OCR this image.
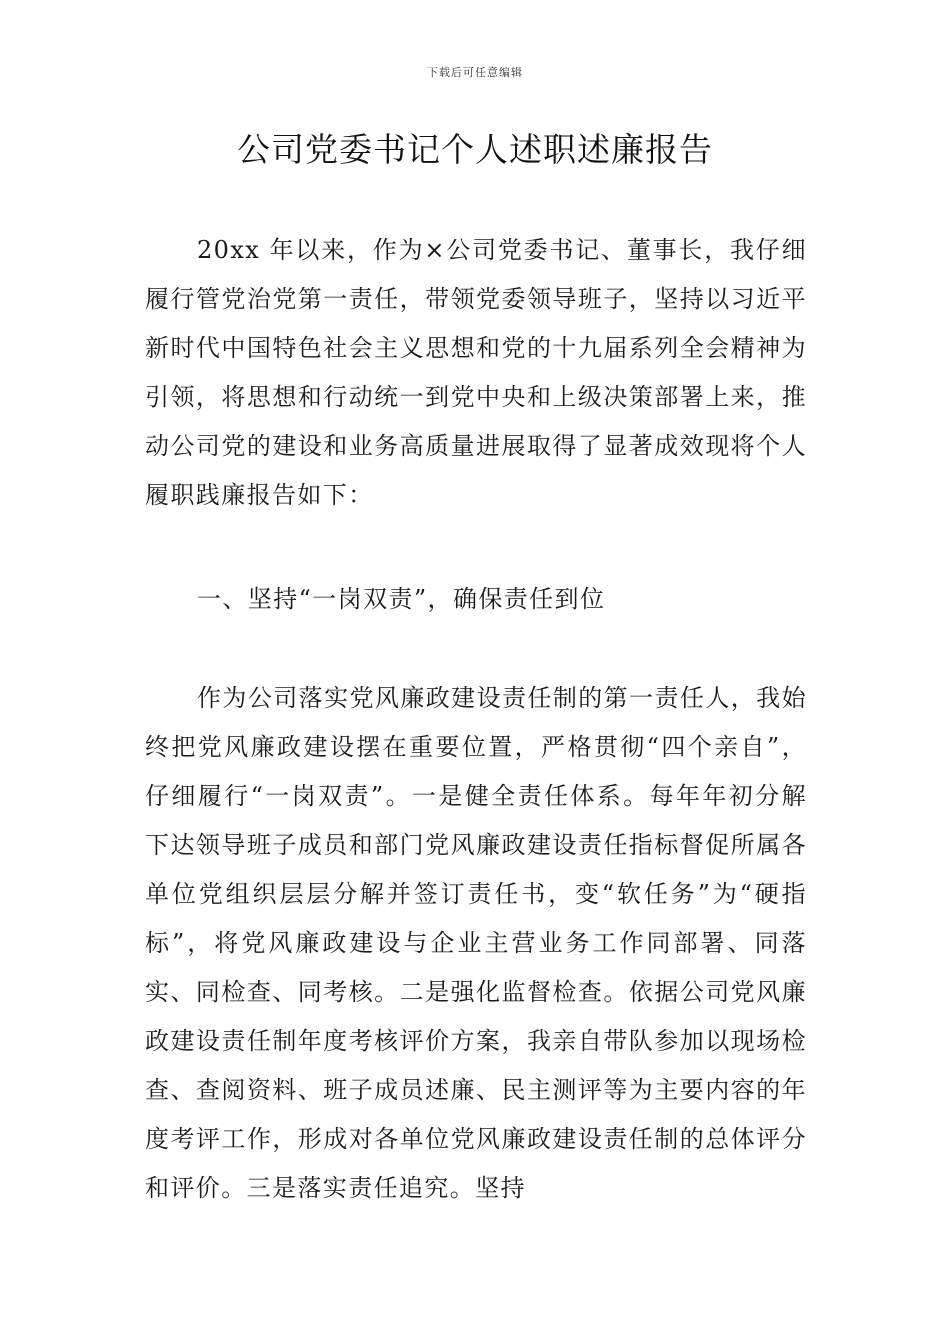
下载后可任意编辑
公司党委书记个人述职述廉报告

20xx 年以来，作为×公司党委书记、董事长，我仔细履行管党治党第一责任，带领党委领导班子，坚持以习近平新时代中国特色社会主义思想和党的十九届系列全会精神为引领，将思想和行动统一到党中央和上级决策部署上来，推动公司党的建设和业务高质量进展取得了显著成效现将个人履职践廉报告如下：

一、坚持“一岗双责”，确保责任到位

作为公司落实党风廉政建设责任制的第一责任人，我始终把党风廉政建设摆在重要位置，严格贯彻“四个亲自”，仔细履行“一岗双责”。一是健全责任体系。每年年初分解下达领导班子成员和部门党风廉政建设责任指标督促所属各单位党组织层层分解并签订责任书，变“软任务”为“硬指标”，将党风廉政建设与企业主营业务工作同部署、同落实、同检查、同考核。二是强化监督检查。依据公司党风廉政建设责任制年度考核评价方案，我亲自带队参加以现场检查、查阅资料、班子成员述廉、民主测评等为主要内容的年度考评工作，形成对各单位党风廉政建设责任制的总体评分和评价。三是落实责任追究。坚持
